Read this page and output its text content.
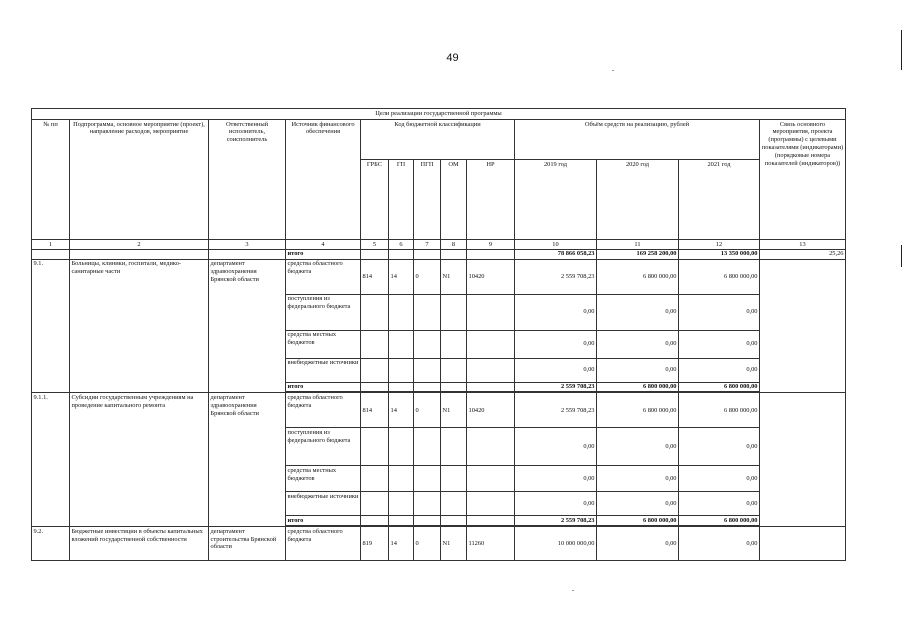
49
Цели реализации государственной программы												
№ пп	Подпрограмма, основное мероприятие (проект), направление расходов, мероприятие	Ответственный исполнитель, соисполнитель	Источник финансового обеспечения	Код бюджетной классификации					Объём средств на реализацию, рублей			Связь основного мероприятия, проекта (программы) с целевыми показателями (индикаторами) (порядковые номера показателей (индикаторов))
				ГРБС	ГП	ПГП	ОМ	НР	2019 год	2020 год	2021 год	
1	2	3	4	5	6	7	8	9	10	11	12	13
			итого						78 866 058,23	169 258 200,00	13 350 000,00	25,26
9.1.	Больницы, клиники, госпитали, медико-санитарные части	департамент здравоохранения Брянской области	средства областного бюджета	814	14	0	N1	10420	2 559 708,23	6 800 000,00	6 800 000,00	
			поступления из федерального бюджета						0,00	0,00	0,00	
			средства местных бюджетов						0,00	0,00	0,00	
			внебюджетные источники						0,00	0,00	0,00	
			итого						2 559 708,23	6 800 000,00	6 800 000,00	

9.1.1.	Субсидии государственным учреждениям на проведение капитального ремонта	департамент здравоохранения Брянской области	средства областного бюджета	814	14	0	N1	10420	2 559 708,23	6 800 000,00	6 800 000,00	
			поступления из федерального бюджета						0,00	0,00	0,00	
			средства местных бюджетов						0,00	0,00	0,00	
			внебюджетные источники						0,00	0,00	0,00	
			итого						2 559 708,23	6 800 000,00	6 800 000,00	

9.2.	Бюджетные инвестиции в объекты капитальных вложений государственной собственности	департамент строительства Брянской области	средства областного бюджета	819	14	0	N1	11260	10 000 000,00	0,00	0,00	
